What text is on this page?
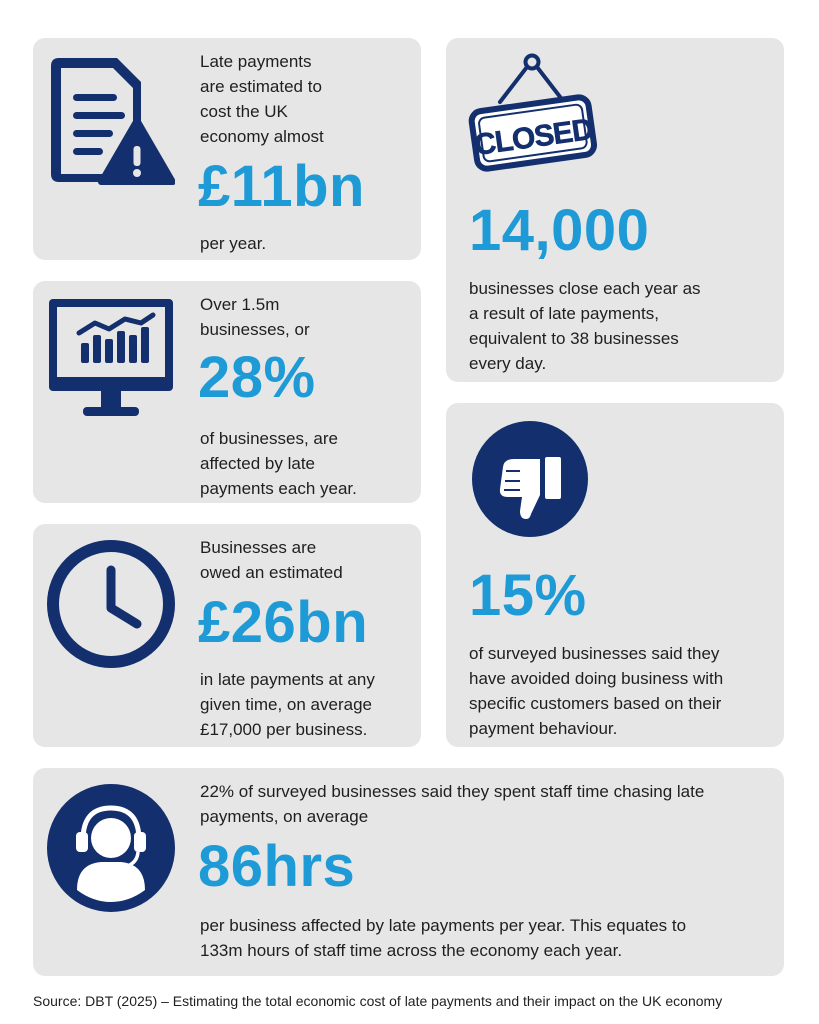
Late payments
are estimated to
cost the UK
economy almost
£11bn
per year.
CLOSED
14,000
businesses close each year as
a result of late payments,
equivalent to 38 businesses
every day.
Over 1.5m
businesses, or
28%
of businesses, are
affected by late
payments each year.
15%
of surveyed businesses said they
have avoided doing business with
specific customers based on their
payment behaviour.
Businesses are
owed an estimated
£26bn
in late payments at any
given time, on average
£17,000 per business.
22% of surveyed businesses said they spent staff time chasing late
payments, on average
86hrs
per business affected by late payments per year. This equates to
133m hours of staff time across the economy each year.
Source: DBT (2025) – Estimating the total economic cost of late payments and their impact on the UK economy
